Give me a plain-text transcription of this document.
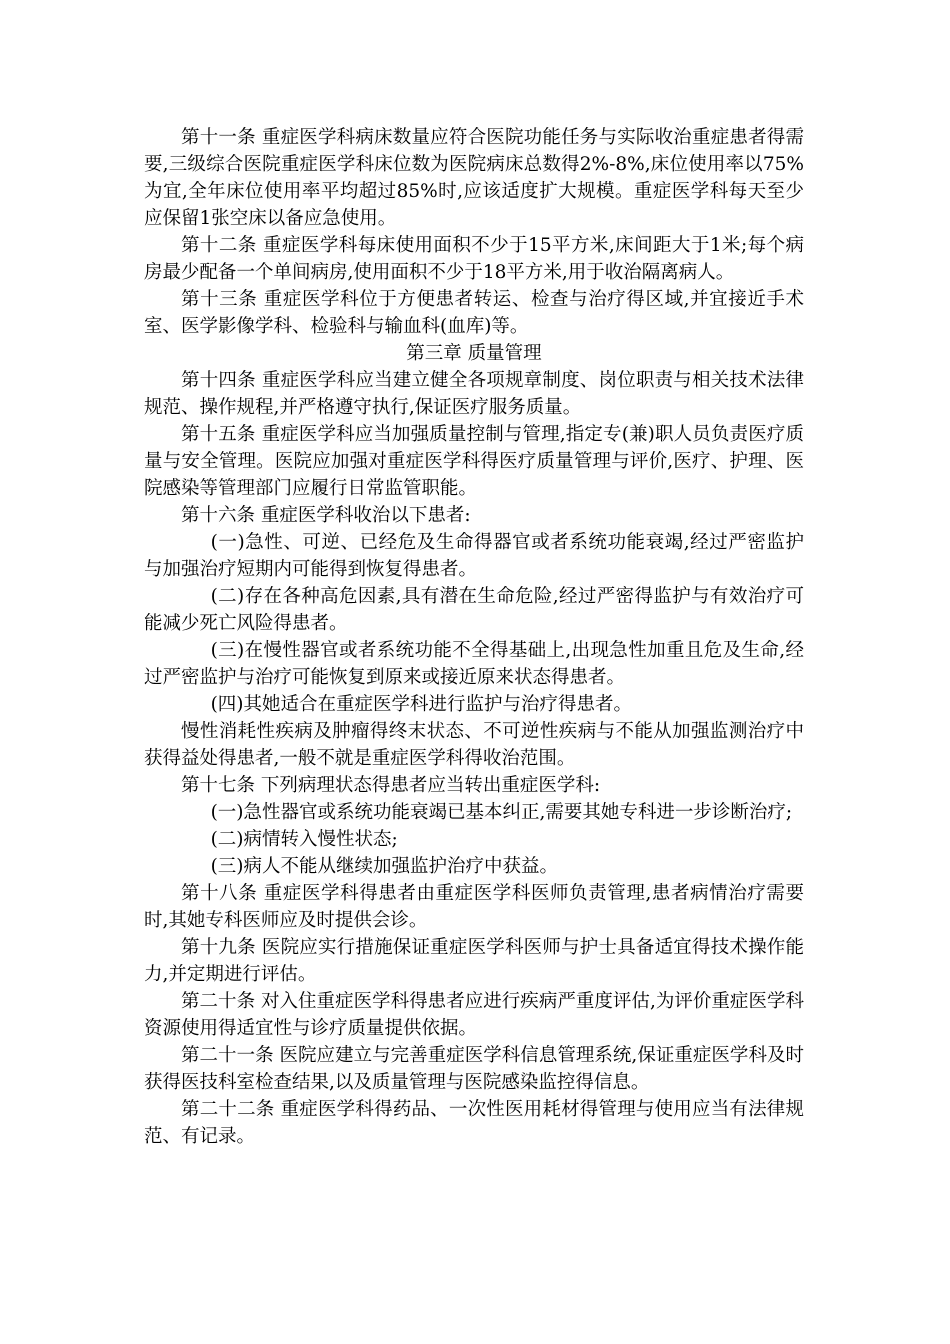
第十一条 重症医学科病床数量应符合医院功能任务与实际收治重症患者得需要,三级综合医院重症医学科床位数为医院病床总数得2%-8%,床位使用率以75%为宜,全年床位使用率平均超过85%时,应该适度扩大规模。重症医学科每天至少应保留1张空床以备应急使用。

第十二条 重症医学科每床使用面积不少于15平方米,床间距大于1米;每个病房最少配备一个单间病房,使用面积不少于18平方米,用于收治隔离病人。

第十三条 重症医学科位于方便患者转运、检查与治疗得区域,并宜接近手术室、医学影像学科、检验科与输血科(血库)等。

第三章 质量管理

第十四条 重症医学科应当建立健全各项规章制度、岗位职责与相关技术法律规范、操作规程,并严格遵守执行,保证医疗服务质量。

第十五条 重症医学科应当加强质量控制与管理,指定专(兼)职人员负责医疗质量与安全管理。医院应加强对重症医学科得医疗质量管理与评价,医疗、护理、医院感染等管理部门应履行日常监管职能。

第十六条 重症医学科收治以下患者:

(一)急性、可逆、已经危及生命得器官或者系统功能衰竭,经过严密监护与加强治疗短期内可能得到恢复得患者。

(二)存在各种高危因素,具有潜在生命危险,经过严密得监护与有效治疗可能减少死亡风险得患者。

(三)在慢性器官或者系统功能不全得基础上,出现急性加重且危及生命,经过严密监护与治疗可能恢复到原来或接近原来状态得患者。

(四)其她适合在重症医学科进行监护与治疗得患者。

慢性消耗性疾病及肿瘤得终末状态、不可逆性疾病与不能从加强监测治疗中获得益处得患者,一般不就是重症医学科得收治范围。

第十七条 下列病理状态得患者应当转出重症医学科:

(一)急性器官或系统功能衰竭已基本纠正,需要其她专科进一步诊断治疗;

(二)病情转入慢性状态;

(三)病人不能从继续加强监护治疗中获益。

第十八条 重症医学科得患者由重症医学科医师负责管理,患者病情治疗需要时,其她专科医师应及时提供会诊。

第十九条 医院应实行措施保证重症医学科医师与护士具备适宜得技术操作能力,并定期进行评估。

第二十条 对入住重症医学科得患者应进行疾病严重度评估,为评价重症医学科资源使用得适宜性与诊疗质量提供依据。

第二十一条 医院应建立与完善重症医学科信息管理系统,保证重症医学科及时获得医技科室检查结果,以及质量管理与医院感染监控得信息。

第二十二条 重症医学科得药品、一次性医用耗材得管理与使用应当有法律规范、有记录。
